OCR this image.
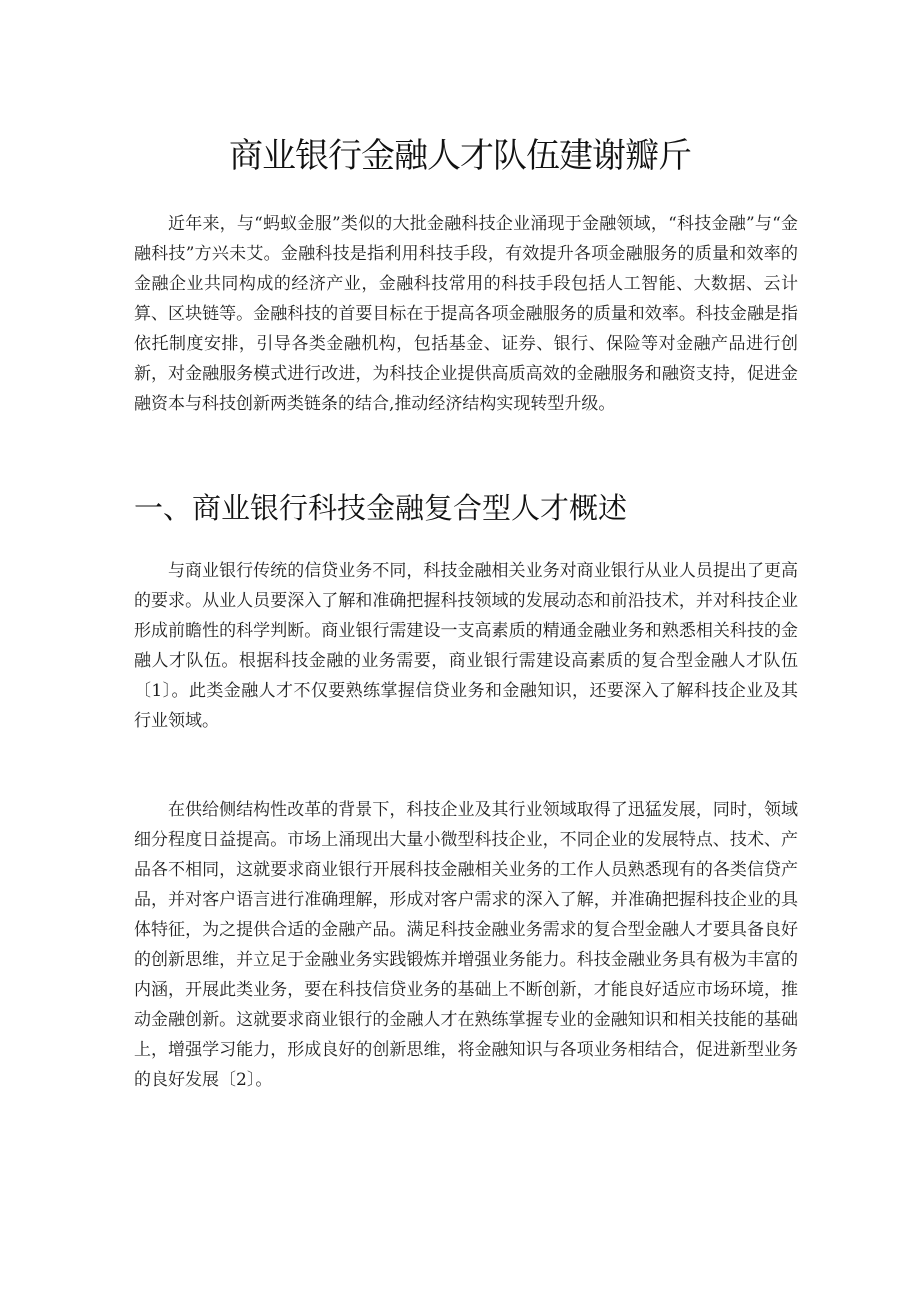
商业银行金融人才队伍建谢瓣斤

近年来，与“蚂蚁金服”类似的大批金融科技企业涌现于金融领域，“科技金融”与“金融科技”方兴未艾。金融科技是指利用科技手段，有效提升各项金融服务的质量和效率的金融企业共同构成的经济产业，金融科技常用的科技手段包括人工智能、大数据、云计算、区块链等。金融科技的首要目标在于提高各项金融服务的质量和效率。科技金融是指依托制度安排，引导各类金融机构，包括基金、证券、银行、保险等对金融产品进行创新，对金融服务模式进行改进，为科技企业提供高质高效的金融服务和融资支持，促进金融资本与科技创新两类链条的结合,推动经济结构实现转型升级。

一、商业银行科技金融复合型人才概述

与商业银行传统的信贷业务不同，科技金融相关业务对商业银行从业人员提出了更高的要求。从业人员要深入了解和准确把握科技领域的发展动态和前沿技术，并对科技企业形成前瞻性的科学判断。商业银行需建设一支高素质的精通金融业务和熟悉相关科技的金融人才队伍。根据科技金融的业务需要，商业银行需建设高素质的复合型金融人才队伍〔1〕。此类金融人才不仅要熟练掌握信贷业务和金融知识，还要深入了解科技企业及其行业领域。

在供给侧结构性改革的背景下，科技企业及其行业领域取得了迅猛发展，同时，领域细分程度日益提高。市场上涌现出大量小微型科技企业，不同企业的发展特点、技术、产品各不相同，这就要求商业银行开展科技金融相关业务的工作人员熟悉现有的各类信贷产品，并对客户语言进行准确理解，形成对客户需求的深入了解，并准确把握科技企业的具体特征，为之提供合适的金融产品。满足科技金融业务需求的复合型金融人才要具备良好的创新思维，并立足于金融业务实践锻炼并增强业务能力。科技金融业务具有极为丰富的内涵，开展此类业务，要在科技信贷业务的基础上不断创新，才能良好适应市场环境，推动金融创新。这就要求商业银行的金融人才在熟练掌握专业的金融知识和相关技能的基础上，增强学习能力，形成良好的创新思维，将金融知识与各项业务相结合，促进新型业务的良好发展〔2〕。
